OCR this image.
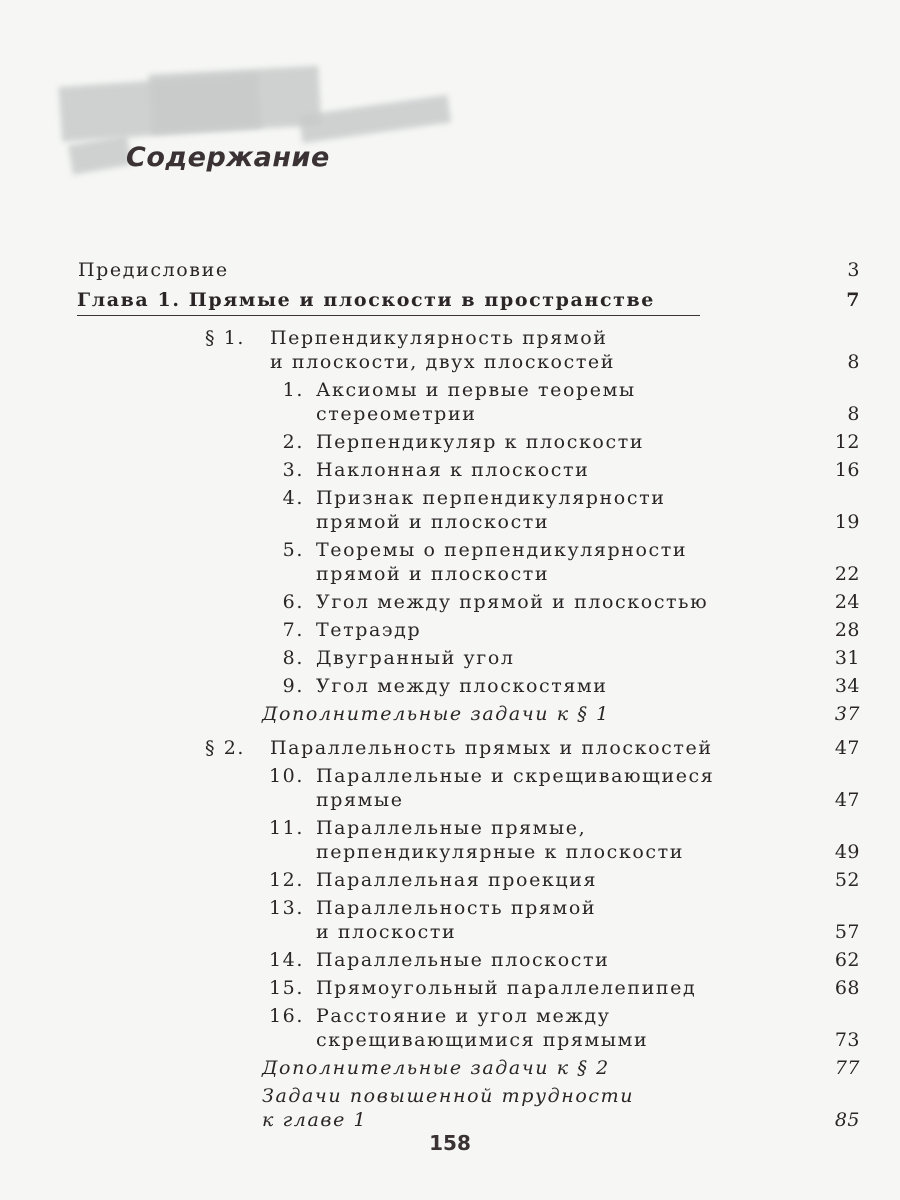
Содержание
Предисловие	3
Глава 1. Прямые и плоскости в пространстве	7
§ 1.	Перпендикулярность прямой
и плоскости, двух плоскостей	8
1. Аксиомы и первые теоремы
стереометрии	8
2. Перпендикуляр к плоскости	12
3. Наклонная к плоскости	16
4. Признак перпендикулярности
прямой и плоскости	19
5. Теоремы о перпендикулярности
прямой и плоскости	22
6. Угол между прямой и плоскостью	24
7. Тетраэдр	28
8. Двугранный угол	31
9. Угол между плоскостями	34
Дополнительные задачи к § 1	37
§ 2.	Параллельность прямых и плоскостей	47
10. Параллельные и скрещивающиеся
прямые	47
11. Параллельные прямые,
перпендикулярные к плоскости	49
12. Параллельная проекция	52
13. Параллельность прямой
и плоскости	57
14. Параллельные плоскости	62
15. Прямоугольный параллелепипед	68
16. Расстояние и угол между
скрещивающимися прямыми	73
Дополнительные задачи к § 2	77
Задачи повышенной трудности
к главе 1	85
158
